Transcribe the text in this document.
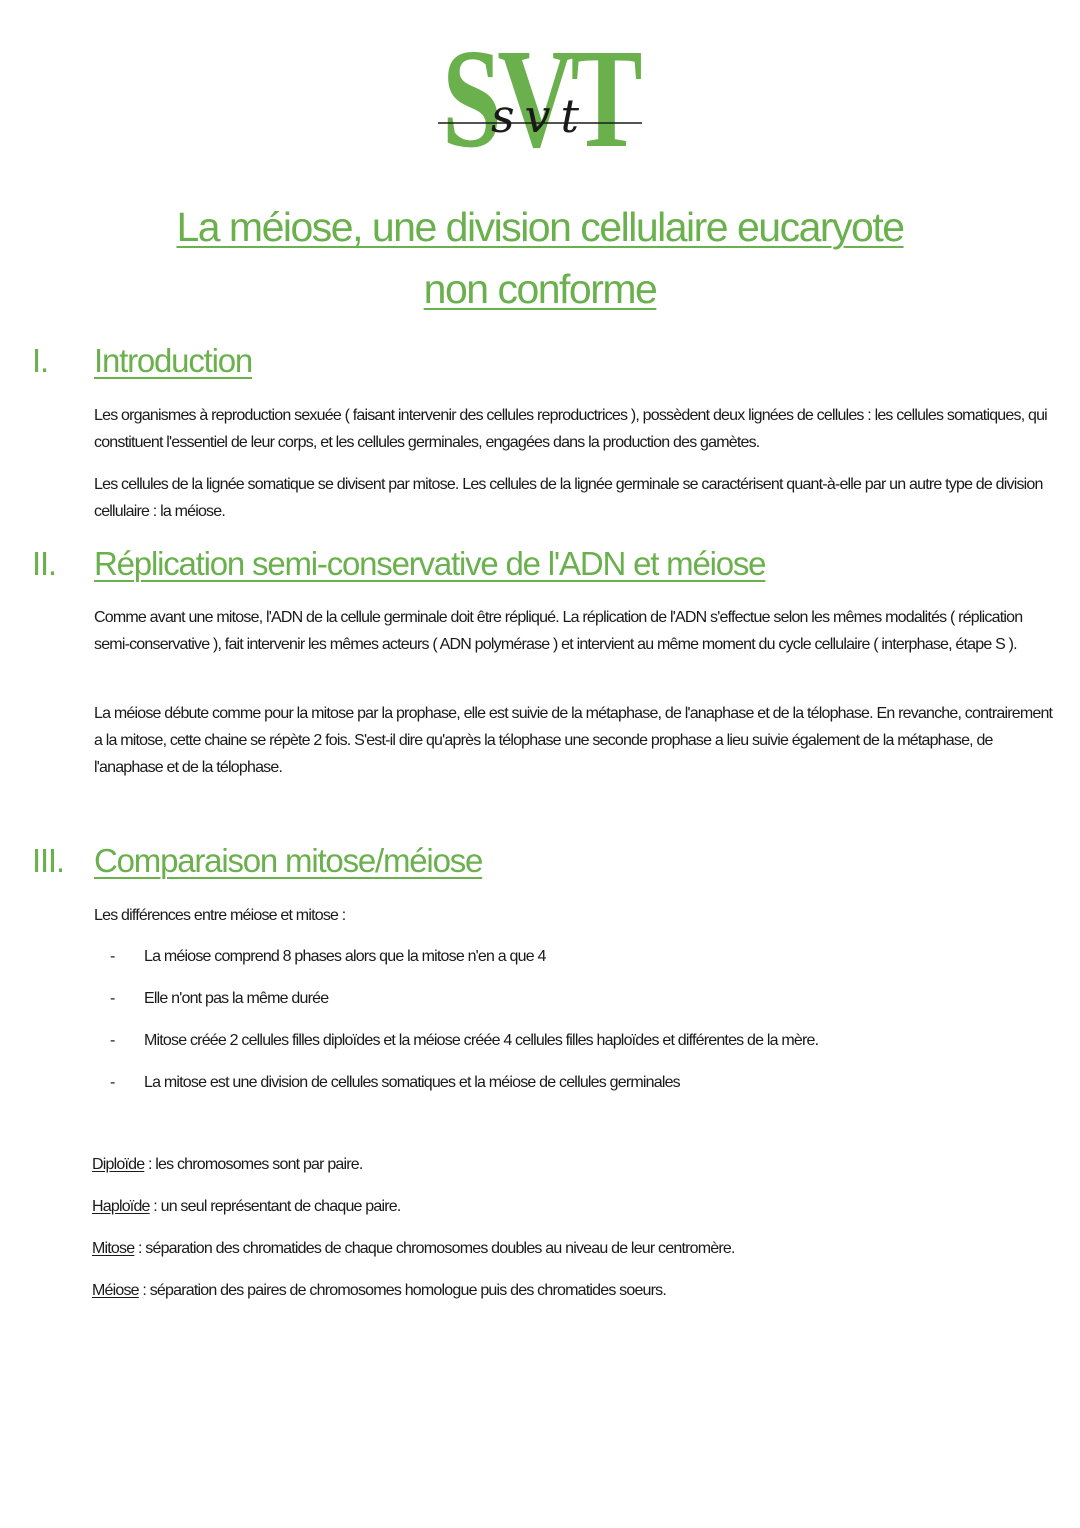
SVT
svt
La méiose, une division cellulaire eucaryote
non conforme
I. Introduction

Les organismes à reproduction sexuée ( faisant intervenir des cellules reproductrices ), possèdent deux lignées de cellules : les cellules somatiques, qui constituent l'essentiel de leur corps, et les cellules germinales, engagées dans la production des gamètes.

Les cellules de la lignée somatique se divisent par mitose. Les cellules de la lignée germinale se caractérisent quant-à-elle par un autre type de division cellulaire : la méiose.

II. Réplication semi-conservative de l'ADN et méiose

Comme avant une mitose, l'ADN de la cellule germinale doit être répliqué. La réplication de l'ADN s'effectue selon les mêmes modalités ( réplication semi-conservative ), fait intervenir les mêmes acteurs ( ADN polymérase ) et intervient au même moment du cycle cellulaire ( interphase, étape S ).

La méiose débute comme pour la mitose par la prophase, elle est suivie de la métaphase, de l'anaphase et de la télophase. En revanche, contrairement a la mitose, cette chaine se répète 2 fois. S'est-il dire qu'après la télophase une seconde prophase a lieu suivie également de la métaphase, de l'anaphase et de la télophase.

III. Comparaison mitose/méiose

Les différences entre méiose et mitose :

- La méiose comprend 8 phases alors que la mitose n'en a que 4
- Elle n'ont pas la même durée
- Mitose créée 2 cellules filles diploïdes et la méiose créée 4 cellules filles haploïdes et différentes de la mère.
- La mitose est une division de cellules somatiques et la méiose de cellules germinales
Diploïde : les chromosomes sont par paire.
Haploïde : un seul représentant de chaque paire.
Mitose : séparation des chromatides de chaque chromosomes doubles au niveau de leur centromère.
Méiose : séparation des paires de chromosomes homologue puis des chromatides soeurs.
